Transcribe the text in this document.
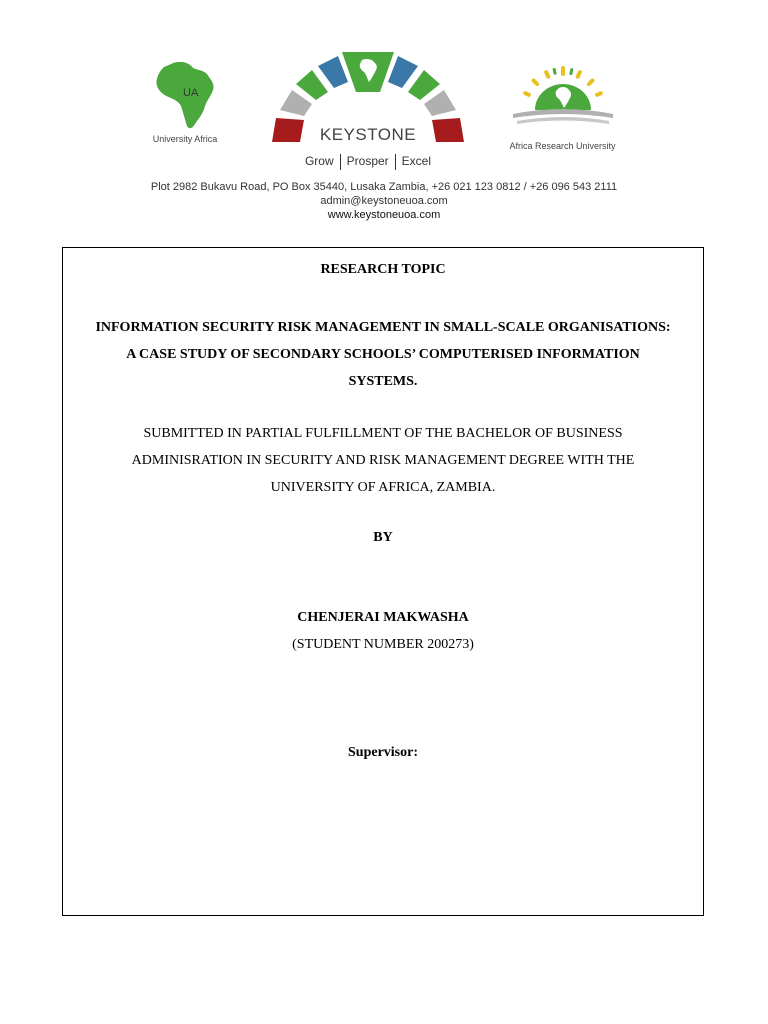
UA
University Africa	KEYSTONE
Grow Prosper Excel
Africa Research University
Plot 2982 Bukavu Road, PO Box 35440, Lusaka Zambia, +26 021 123 0812 / +26 096 543 2111
admin@keystoneuoa.com
www.keystoneuoa.com
RESEARCH TOPIC
INFORMATION SECURITY RISK MANAGEMENT IN SMALL-SCALE ORGANISATIONS:
A CASE STUDY OF SECONDARY SCHOOLS’ COMPUTERISED INFORMATION
SYSTEMS.
SUBMITTED IN PARTIAL FULFILLMENT OF THE BACHELOR OF BUSINESS
ADMINISRATION IN SECURITY AND RISK MANAGEMENT DEGREE WITH THE
UNIVERSITY OF AFRICA, ZAMBIA.
BY
CHENJERAI MAKWASHA
(STUDENT NUMBER 200273)
Supervisor:
